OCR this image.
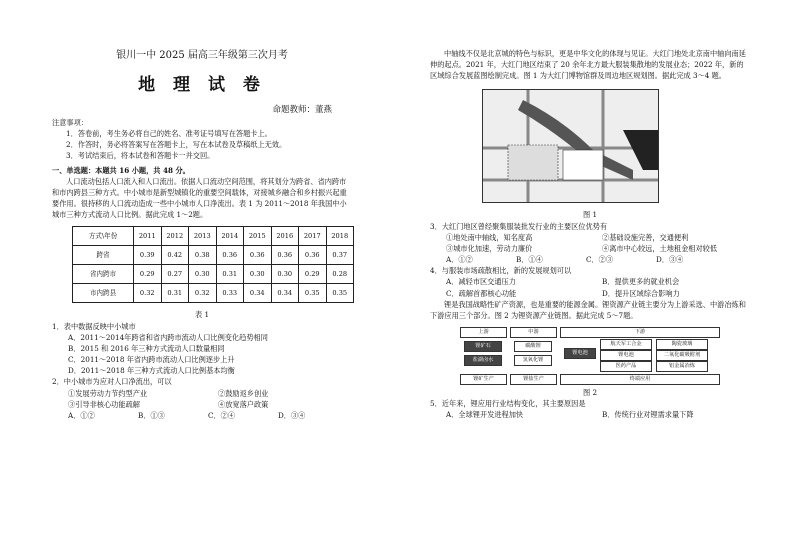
银川一中 2025 届高三年级第三次月考
地 理 试 卷
命题教师：董燕

注意事项：

1．答卷前，考生务必将自己的姓名、准考证号填写在答题卡上。

2．作答时，务必将答案写在答题卡上，写在本试卷及草稿纸上无效。

3．考试结束后，将本试卷和答题卡一并交回。

一、单选题：本题共 16 小题，共 48 分。

人口流动包括人口流入和人口流出。依据人口流动空间范围，将其划分为跨省、省内跨市和市内跨县三种方式。中小城市是新型城镇化的重要空间载体，对接城乡融合和乡村振兴起重要作用。很持移的人口流动造成一些中小城市人口净流出。表 1 为 2011～2018 年我国中小城市三种方式流动人口比例。据此完成 1～2题。

方式\年份	2011	2012	2013	2014	2015	2016	2017	2018
跨省	0.39	0.42	0.38	0.36	0.36	0.36	0.36	0.37
省内跨市	0.29	0.27	0.30	0.31	0.30	0.30	0.29	0.28
市内跨县	0.32	0.31	0.32	0.33	0.34	0.34	0.35	0.35
表 1

1．表中数据反映中小城市

A．2011～2014年跨省和省内跨市流动人口比例变化趋势相同
B．2015 和 2016 年三种方式流动人口数量相同
C．2011～2018 年省内跨市流动人口比例逐步上升
D．2011～2018 年三种方式流动人口比例基本均衡

2．中小城市为应对人口净流出，可以

①发展劳动力节约型产业	②鼓励返乡创业
③引导非核心功能疏解	④放宽落户政策
A．①②	B．①③	C．②④	D．③④

中轴线不仅是北京城的特色与标识，更是中华文化的体现与见证。大红门地处北京南中轴向南延伸的起点。2021 年，大红门地区结束了 20 余年北方最大服装集散地的发展业态；2022 年，新的区域综合发展蓝图绘制完成。图 1 为大红门博物馆群及周边地区规划图。据此完成 3～4 题。

图 1

3．大红门地区曾经聚集服装批发行业的主要区位优势有

①地处南中轴线，知名度高	②基础设施完善，交通便利
③城市化加速，劳动力廉价	④离市中心较远，土地租金相对较低
A．①②	B．①④	C．②③	D．③④

4．与服装市场疏散相比，新的发展规划可以

A．减轻市区交通压力	B．提供更多的就业机会
C．疏解首都核心功能	D．提升区域综合影响力

锂是我国战略性矿产资源，也是重要的能源金属。锂资源产业链主要分为上游采选、中游冶炼和下游应用三个部分。图 2 为锂资源产业链图。据此完成 5～7题。

上游	中游	下游
锂矿石
盐湖卤水
碳酸锂
氢氧化锂
锂电池
航天军工合金	陶瓷玻璃
锂电池	二氧化碳吸附剂
医药产品	铝金属冶炼
锂矿生产	锂盐生产	终端应用
图 2

5．近年来，锂应用行业结构变化，其主要原因是

A．全球锂开发进程加快	B．传统行业对锂需求量下降
